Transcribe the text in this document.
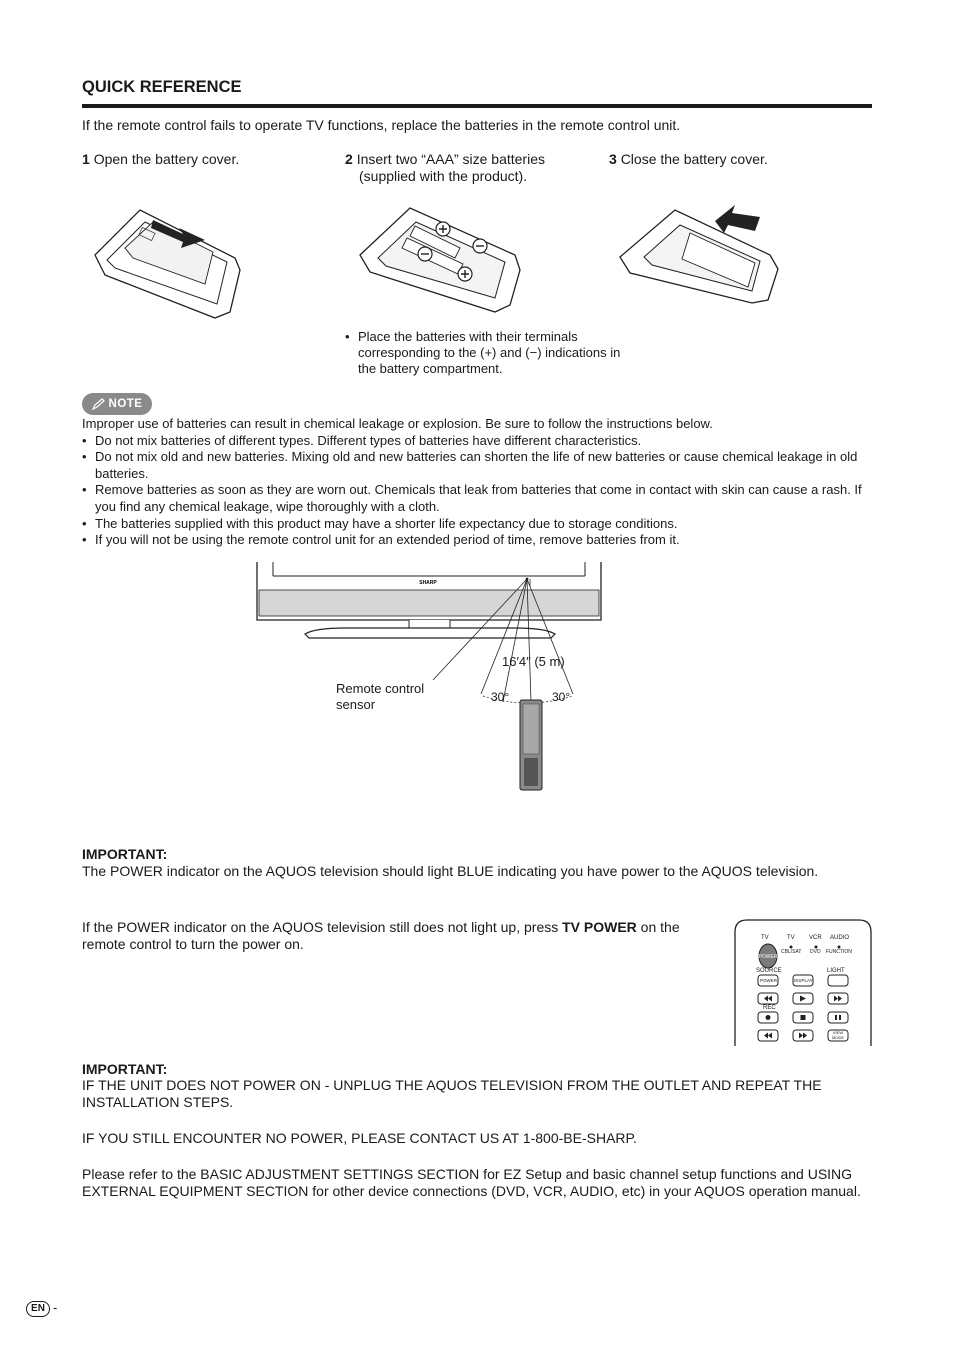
QUICK REFERENCE
If the remote control fails to operate TV functions, replace the batteries in the remote control unit.
1 Open the battery cover.	2 Insert two “AAA” size batteries (supplied with the product).
3 Close the battery cover.
• Place the batteries with their terminals corresponding to the (+) and (−) indications in the battery compartment.
NOTE
Improper use of batteries can result in chemical leakage or explosion. Be sure to follow the instructions below.
• Do not mix batteries of different types. Different types of batteries have different characteristics.
• Do not mix old and new batteries. Mixing old and new batteries can shorten the life of new batteries or cause chemical leakage in old batteries.
• Remove batteries as soon as they are worn out. Chemicals that leak from batteries that come in contact with skin can cause a rash. If you find any chemical leakage, wipe thoroughly with a cloth.
• The batteries supplied with this product may have a shorter life expectancy due to storage conditions.
• If you will not be using the remote control unit for an extended period of time, remove batteries from it.
SHARP
16′4″ (5 m)
Remote control sensor	30°	30°
IMPORTANT:
The POWER indicator on the AQUOS television should light BLUE indicating you have power to the AQUOS television.
If the POWER indicator on the AQUOS television still does not light up, press TV POWER on the remote control to turn the power on.
POWER
TV	TV VCR AUDIO
CBL/SAT DVD FUNCTION
SOURCE	LIGHT
POWER	DISPLAY
REC
VIEW MODE
IMPORTANT:
IF THE UNIT DOES NOT POWER ON - UNPLUG THE AQUOS TELEVISION FROM THE OUTLET AND REPEAT THE INSTALLATION STEPS.
IF YOU STILL ENCOUNTER NO POWER, PLEASE CONTACT US AT 1-800-BE-SHARP.
Please refer to the BASIC ADJUSTMENT SETTINGS SECTION for EZ Setup and basic channel setup functions and USING EXTERNAL EQUIPMENT SECTION for other device connections (DVD, VCR, AUDIO, etc) in your AQUOS operation manual.
EN -
